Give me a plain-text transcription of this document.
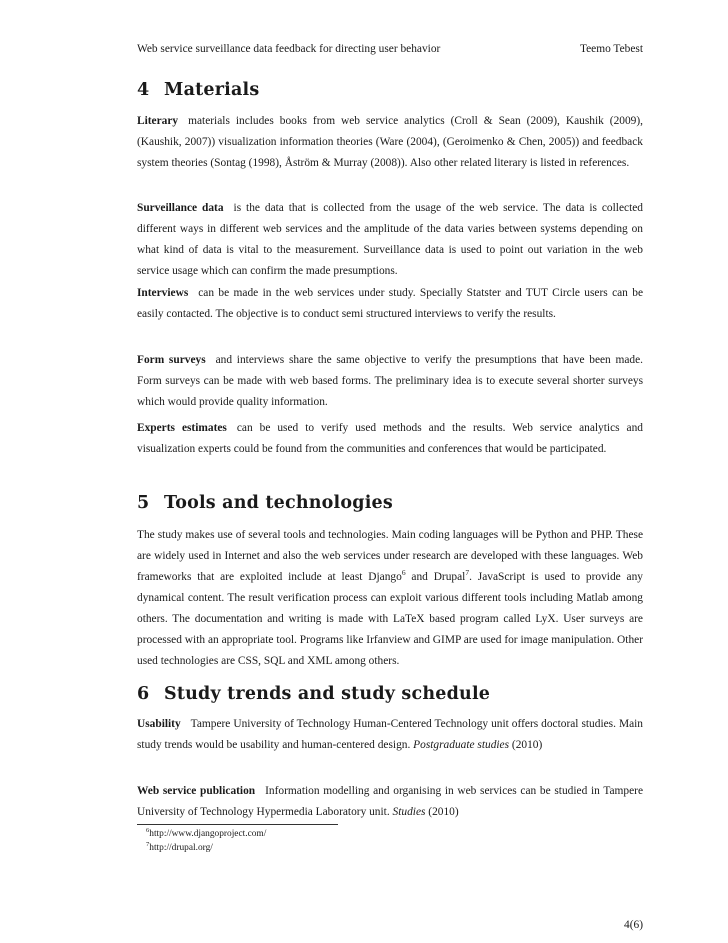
Web service surveillance data feedback for directing user behavior	Teemo Tebest
4 Materials

Literary materials includes books from web service analytics (Croll & Sean (2009), Kaushik (2009), (Kaushik, 2007)) visualization information theories (Ware (2004), (Geroimenko & Chen, 2005)) and feedback system theories (Sontag (1998), Åström & Murray (2008)). Also other related literary is listed in references.

Surveillance data is the data that is collected from the usage of the web service. The data is collected different ways in different web services and the amplitude of the data varies between systems depending on what kind of data is vital to the measurement. Surveillance data is used to point out variation in the web service usage which can confirm the made presumptions.

Interviews can be made in the web services under study. Specially Statster and TUT Circle users can be easily contacted. The objective is to conduct semi structured interviews to verify the results.

Form surveys and interviews share the same objective to verify the presumptions that have been made. Form surveys can be made with web based forms. The preliminary idea is to execute several shorter surveys which would provide quality information.

Experts estimates can be used to verify used methods and the results. Web service analytics and visualization experts could be found from the communities and conferences that would be participated.

5 Tools and technologies

The study makes use of several tools and technologies. Main coding languages will be Python and PHP. These are widely used in Internet and also the web services under research are developed with these languages. Web frameworks that are exploited include at least Django$^6$ and Drupal$^7$. JavaScript is used to provide any dynamical content. The result verification process can exploit various different tools including Matlab among others. The documentation and writing is made with LaTeX based program called LyX. User surveys are processed with an appropriate tool. Programs like Irfanview and GIMP are used for image manipulation. Other used technologies are CSS, SQL and XML among others.

6 Study trends and study schedule

Usability Tampere University of Technology Human-Centered Technology unit offers doctoral studies. Main study trends would be usability and human-centered design. Postgraduate studies (2010)

Web service publication Information modelling and organising in web services can be studied in Tampere University of Technology Hypermedia Laboratory unit. Studies (2010)

$^6$http://www.djangoproject.com/
$^7$http://drupal.org/
4(6)
